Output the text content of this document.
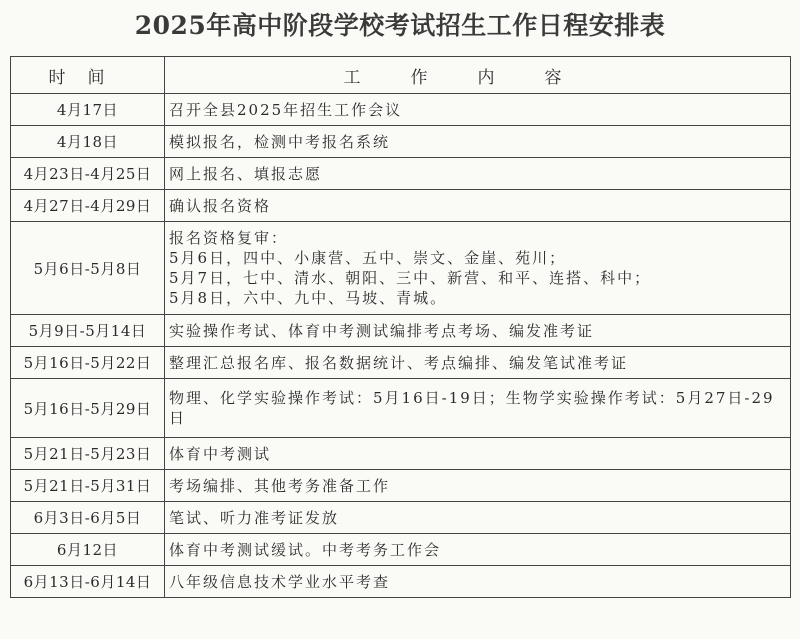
2025年高中阶段学校考试招生工作日程安排表
时间	工作内容
4月17日	召开全县2025年招生工作会议

4月18日	模拟报名，检测中考报名系统

4月23日-4月25日	网上报名、填报志愿

4月27日-4月29日	确认报名资格

5月6日-5月8日	报名资格复审：
5月6日，四中、小康营、五中、崇文、金崖、苑川；
5月7日，七中、清水、朝阳、三中、新营、和平、连搭、科中；
5月8日，六中、九中、马坡、青城。

5月9日-5月14日	实验操作考试、体育中考测试编排考点考场、编发准考证

5月16日-5月22日	整理汇总报名库、报名数据统计、考点编排、编发笔试准考证

5月16日-5月29日	物理、化学实验操作考试：5月16日-19日；生物学实验操作考试：5月27日-29日

5月21日-5月23日	体育中考测试

5月21日-5月31日	考场编排、其他考务准备工作

6月3日-6月5日	笔试、听力准考证发放

6月12日	体育中考测试缓试。中考考务工作会

6月13日-6月14日	八年级信息技术学业水平考查
